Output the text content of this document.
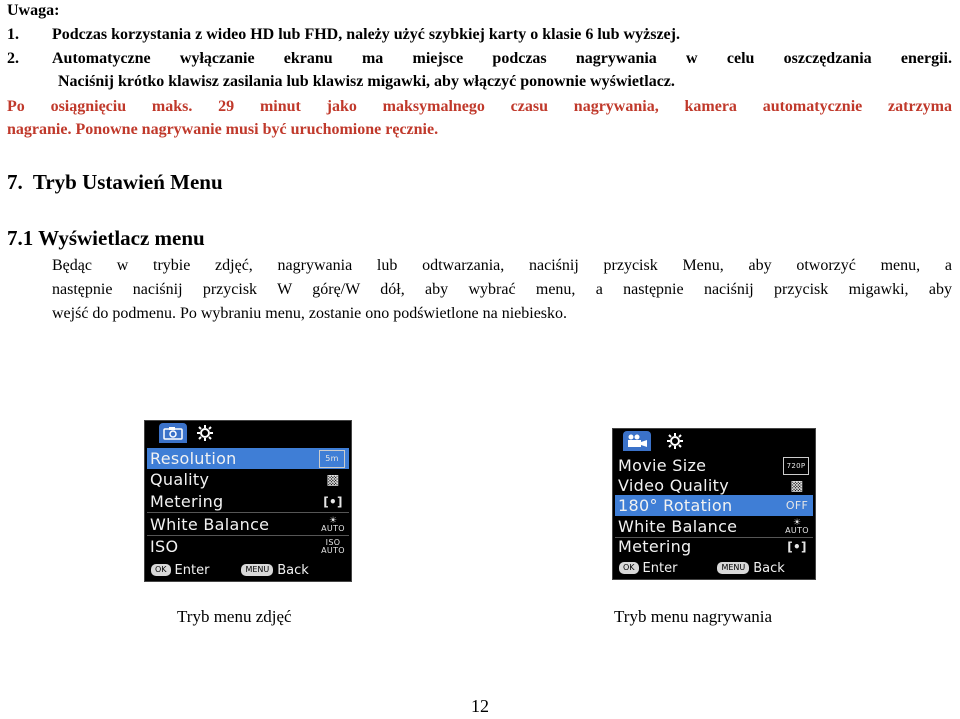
Uwaga:
1. Podczas korzystania z wideo HD lub FHD, należy użyć szybkiej karty o klasie 6 lub wyższej.
2. Automatyczne wyłączanie ekranu ma miejsce podczas nagrywania w celu oszczędzania energii.
Naciśnij krótko klawisz zasilania lub klawisz migawki, aby włączyć ponownie wyświetlacz.
Po osiągnięciu maks. 29 minut jako maksymalnego czasu nagrywania, kamera automatycznie zatrzyma
nagranie. Ponowne nagrywanie musi być uruchomione ręcznie.
7.  Tryb Ustawień Menu
7.1 Wyświetlacz menu
Będąc w trybie zdjęć, nagrywania lub odtwarzania, naciśnij przycisk Menu, aby otworzyć menu, a
następnie naciśnij przycisk W górę/W dół, aby wybrać menu, a następnie naciśnij przycisk migawki, aby
wejść do podmenu. Po wybraniu menu, zostanie ono podświetlone na niebiesko.
Resolution	5m
Quality	▩
Metering	[•]
White Balance	☀
AUTO
ISO	ISO AUTO
OK Enter	MENU Back
Movie Size	720P
Video Quality	▩
180° Rotation	OFF
White Balance	☀
AUTO
Metering	[•]
OK Enter	MENU Back
Tryb menu zdjęć	Tryb menu nagrywania
12
